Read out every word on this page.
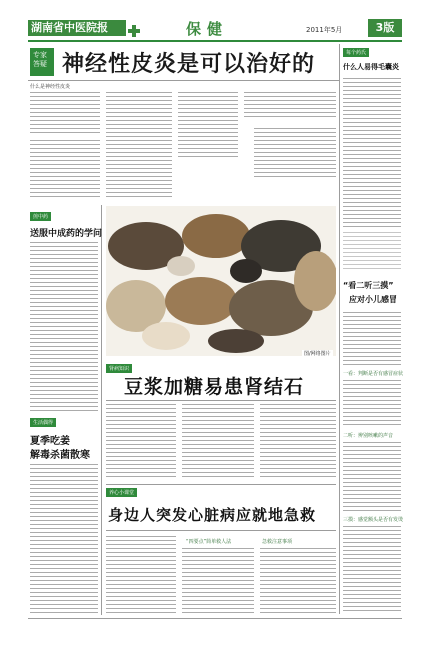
湖南省中医院报	保健	2011年5月	3版
专家答疑 神经性皮炎是可以治好的
什么是神经性皮炎
煎中药
送服中成药的学问
生活偶得
夏季吃姜
解毒杀菌散寒
每个药氏
什么人易得毛囊炎
“看二听三摸”
应对小儿感冒
一看：判断是否有感冒症状
二听：辨别咳嗽的声音
三摸：感觉额头是否有发烫
图/网络图片
肾病知识
豆浆加糖易患肾结石
养心小课堂
身边人突发心脏病应就地急救
“四要点”简单救人法	急救注意事项
